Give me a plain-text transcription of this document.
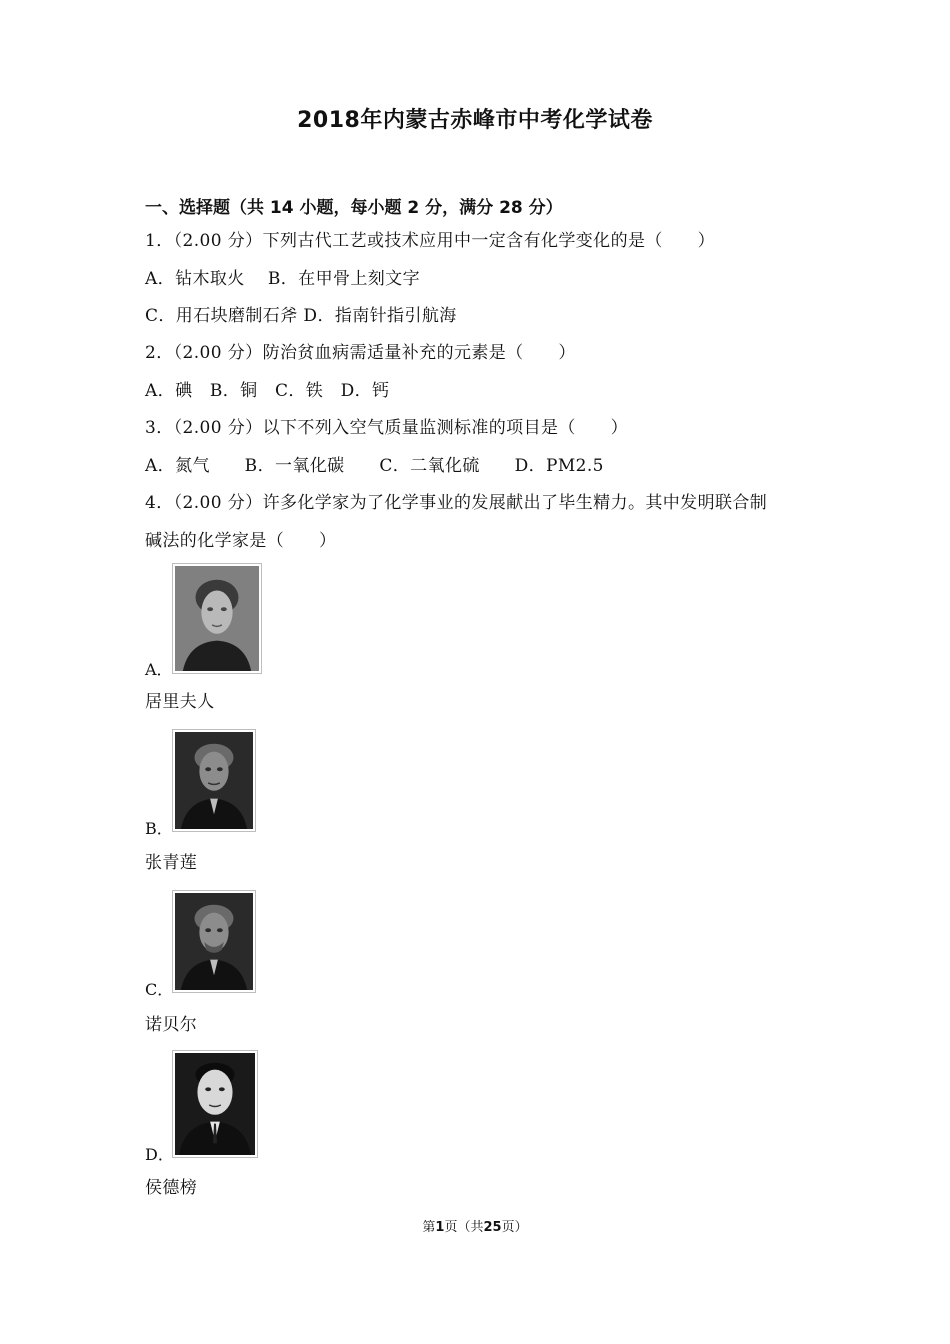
2018年内蒙古赤峰市中考化学试卷
一、选择题（共 14 小题，每小题 2 分，满分 28 分）
1．（2.00 分）下列古代工艺或技术应用中一定含有化学变化的是（　　）
A．钻木取火　 B．在甲骨上刻文字
C．用石块磨制石斧 D．指南针指引航海
2．（2.00 分）防治贫血病需适量补充的元素是（　　）
A．碘　B．铜　C．铁　D．钙
3．（2.00 分）以下不列入空气质量监测标准的项目是（　　）
A．氮气　　B．一氧化碳　　C．二氧化硫　　D．PM2.5
4．（2.00 分）许多化学家为了化学事业的发展献出了毕生精力。其中发明联合制
碱法的化学家是（　　）
A．
居里夫人
B．
张青莲
C．
诺贝尔
D．
侯德榜
第1页（共25页）
